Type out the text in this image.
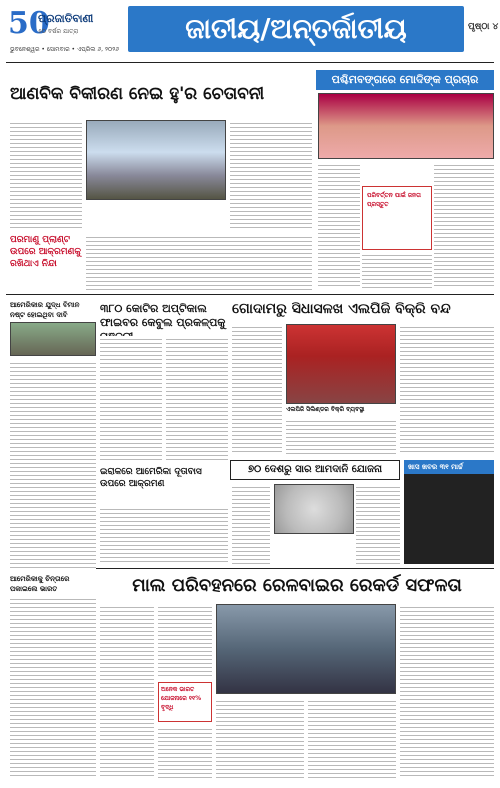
50
ପ୍ରଜାତିବାଣୀ
୫୦ ବର୍ଷର ଯାତ୍ରା
ଭୁବନେଶ୍ୱର • ସୋମବାର • ଏପ୍ରିଲ ୬, ୨୦୨୬
ଜାତୀୟ/ଅନ୍ତର୍ଜାତୀୟ	ପୃଷ୍ଠା ୪
ଆଣବିକ ବିକୀରଣ ନେଇ ହୁ'ର ଚେତାବନୀ
ପଶ୍ଚିମବଙ୍ଗରେ ମୋଦିଙ୍କ ପ୍ରଚାର
ପରିବର୍ତ୍ତନ ପାଇଁ ଜନତା ପ୍ରସ୍ତୁତ
ପରମାଣୁ ପ୍ଲାଣ୍ଟ ଉପରେ ଆକ୍ରମଣକୁ ରଖିଥାଏ ନିନ୍ଦା
ଆମେରିକାର ଯୁଦ୍ଧ ବିମାନ ନଷ୍ଟ ହୋଇଥିବା ଦାବି
ଆମେରିକାକୁ ଚିନ୍ତାରେ ପକାଇଲେ ଭାରତ
୩୮୦ କୋଟିର ଅପ୍ଟିକାଲ ଫାଇବର କେବୁଲ ପ୍ରକଳ୍ପକୁ
ଗୋଦାମରୁ ସିଧାସଳଖ ଏଲପିଜି ବିକ୍ରି ବନ୍ଦ
ଏଲପିଜି ସିଲିଣ୍ଡର ବିକ୍ରି ବ୍ୟବସ୍ଥା
ଇରାକରେ ଆମେରିକା ଦୂତାବାସ ଉପରେ ଆକ୍ରମଣ
୭୦ ଦେଶରୁ ସାର ଆମଦାନି ଯୋଜନା	ଖାସ ଖବର ୩୧ ମାର୍ଚ୍ଚ
ମାଲ ପରିବହନରେ ରେଳବାଇର ରେକର୍ଡ ସଫଳତା
ଅନେକ ଭାରତ ଯୋଜନାରେ ୧୧% ବୃଦ୍ଧି
